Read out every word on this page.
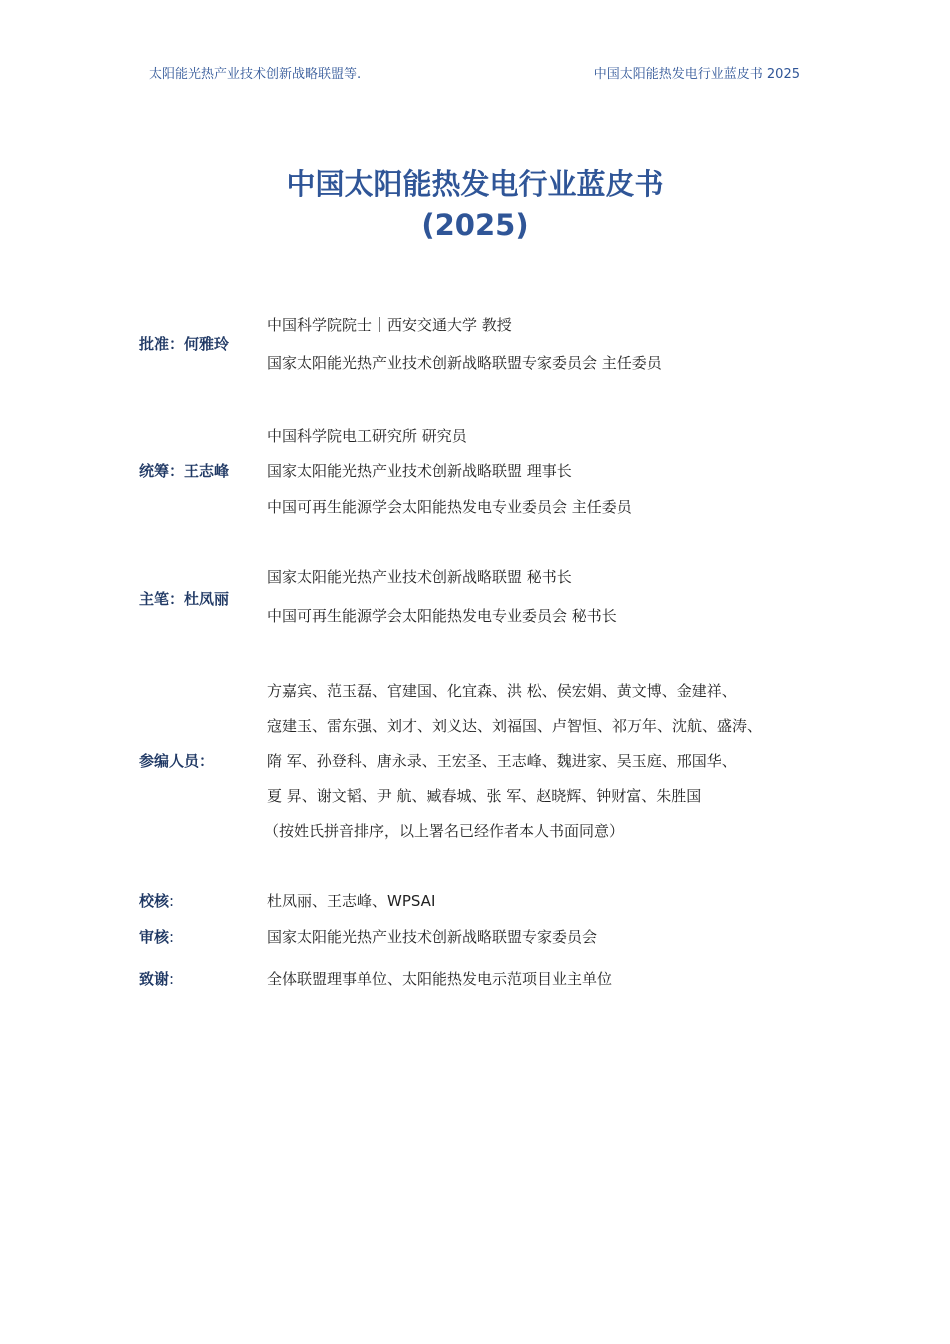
太阳能光热产业技术创新战略联盟等.	中国太阳能热发电行业蓝皮书 2025
中国太阳能热发电行业蓝皮书
(2025)
批准：何雅玲
中国科学院院士｜西安交通大学 教授
国家太阳能光热产业技术创新战略联盟专家委员会 主任委员
统筹：王志峰
中国科学院电工研究所 研究员
国家太阳能光热产业技术创新战略联盟 理事长
中国可再生能源学会太阳能热发电专业委员会 主任委员
主笔：杜凤丽
国家太阳能光热产业技术创新战略联盟 秘书长
中国可再生能源学会太阳能热发电专业委员会 秘书长
参编人员：
方嘉宾、范玉磊、官建国、化宜森、洪 松、侯宏娟、黄文博、金建祥、
寇建玉、雷东强、刘才、刘义达、刘福国、卢智恒、祁万年、沈航、盛涛、
隋 军、孙登科、唐永录、王宏圣、王志峰、魏进家、吴玉庭、邢国华、
夏 昇、谢文韬、尹 航、臧春城、张 军、赵晓辉、钟财富、朱胜国
（按姓氏拼音排序，以上署名已经作者本人书面同意）
校核:	杜凤丽、王志峰、WPSAI
审核:	国家太阳能光热产业技术创新战略联盟专家委员会
致谢:	全体联盟理事单位、太阳能热发电示范项目业主单位
